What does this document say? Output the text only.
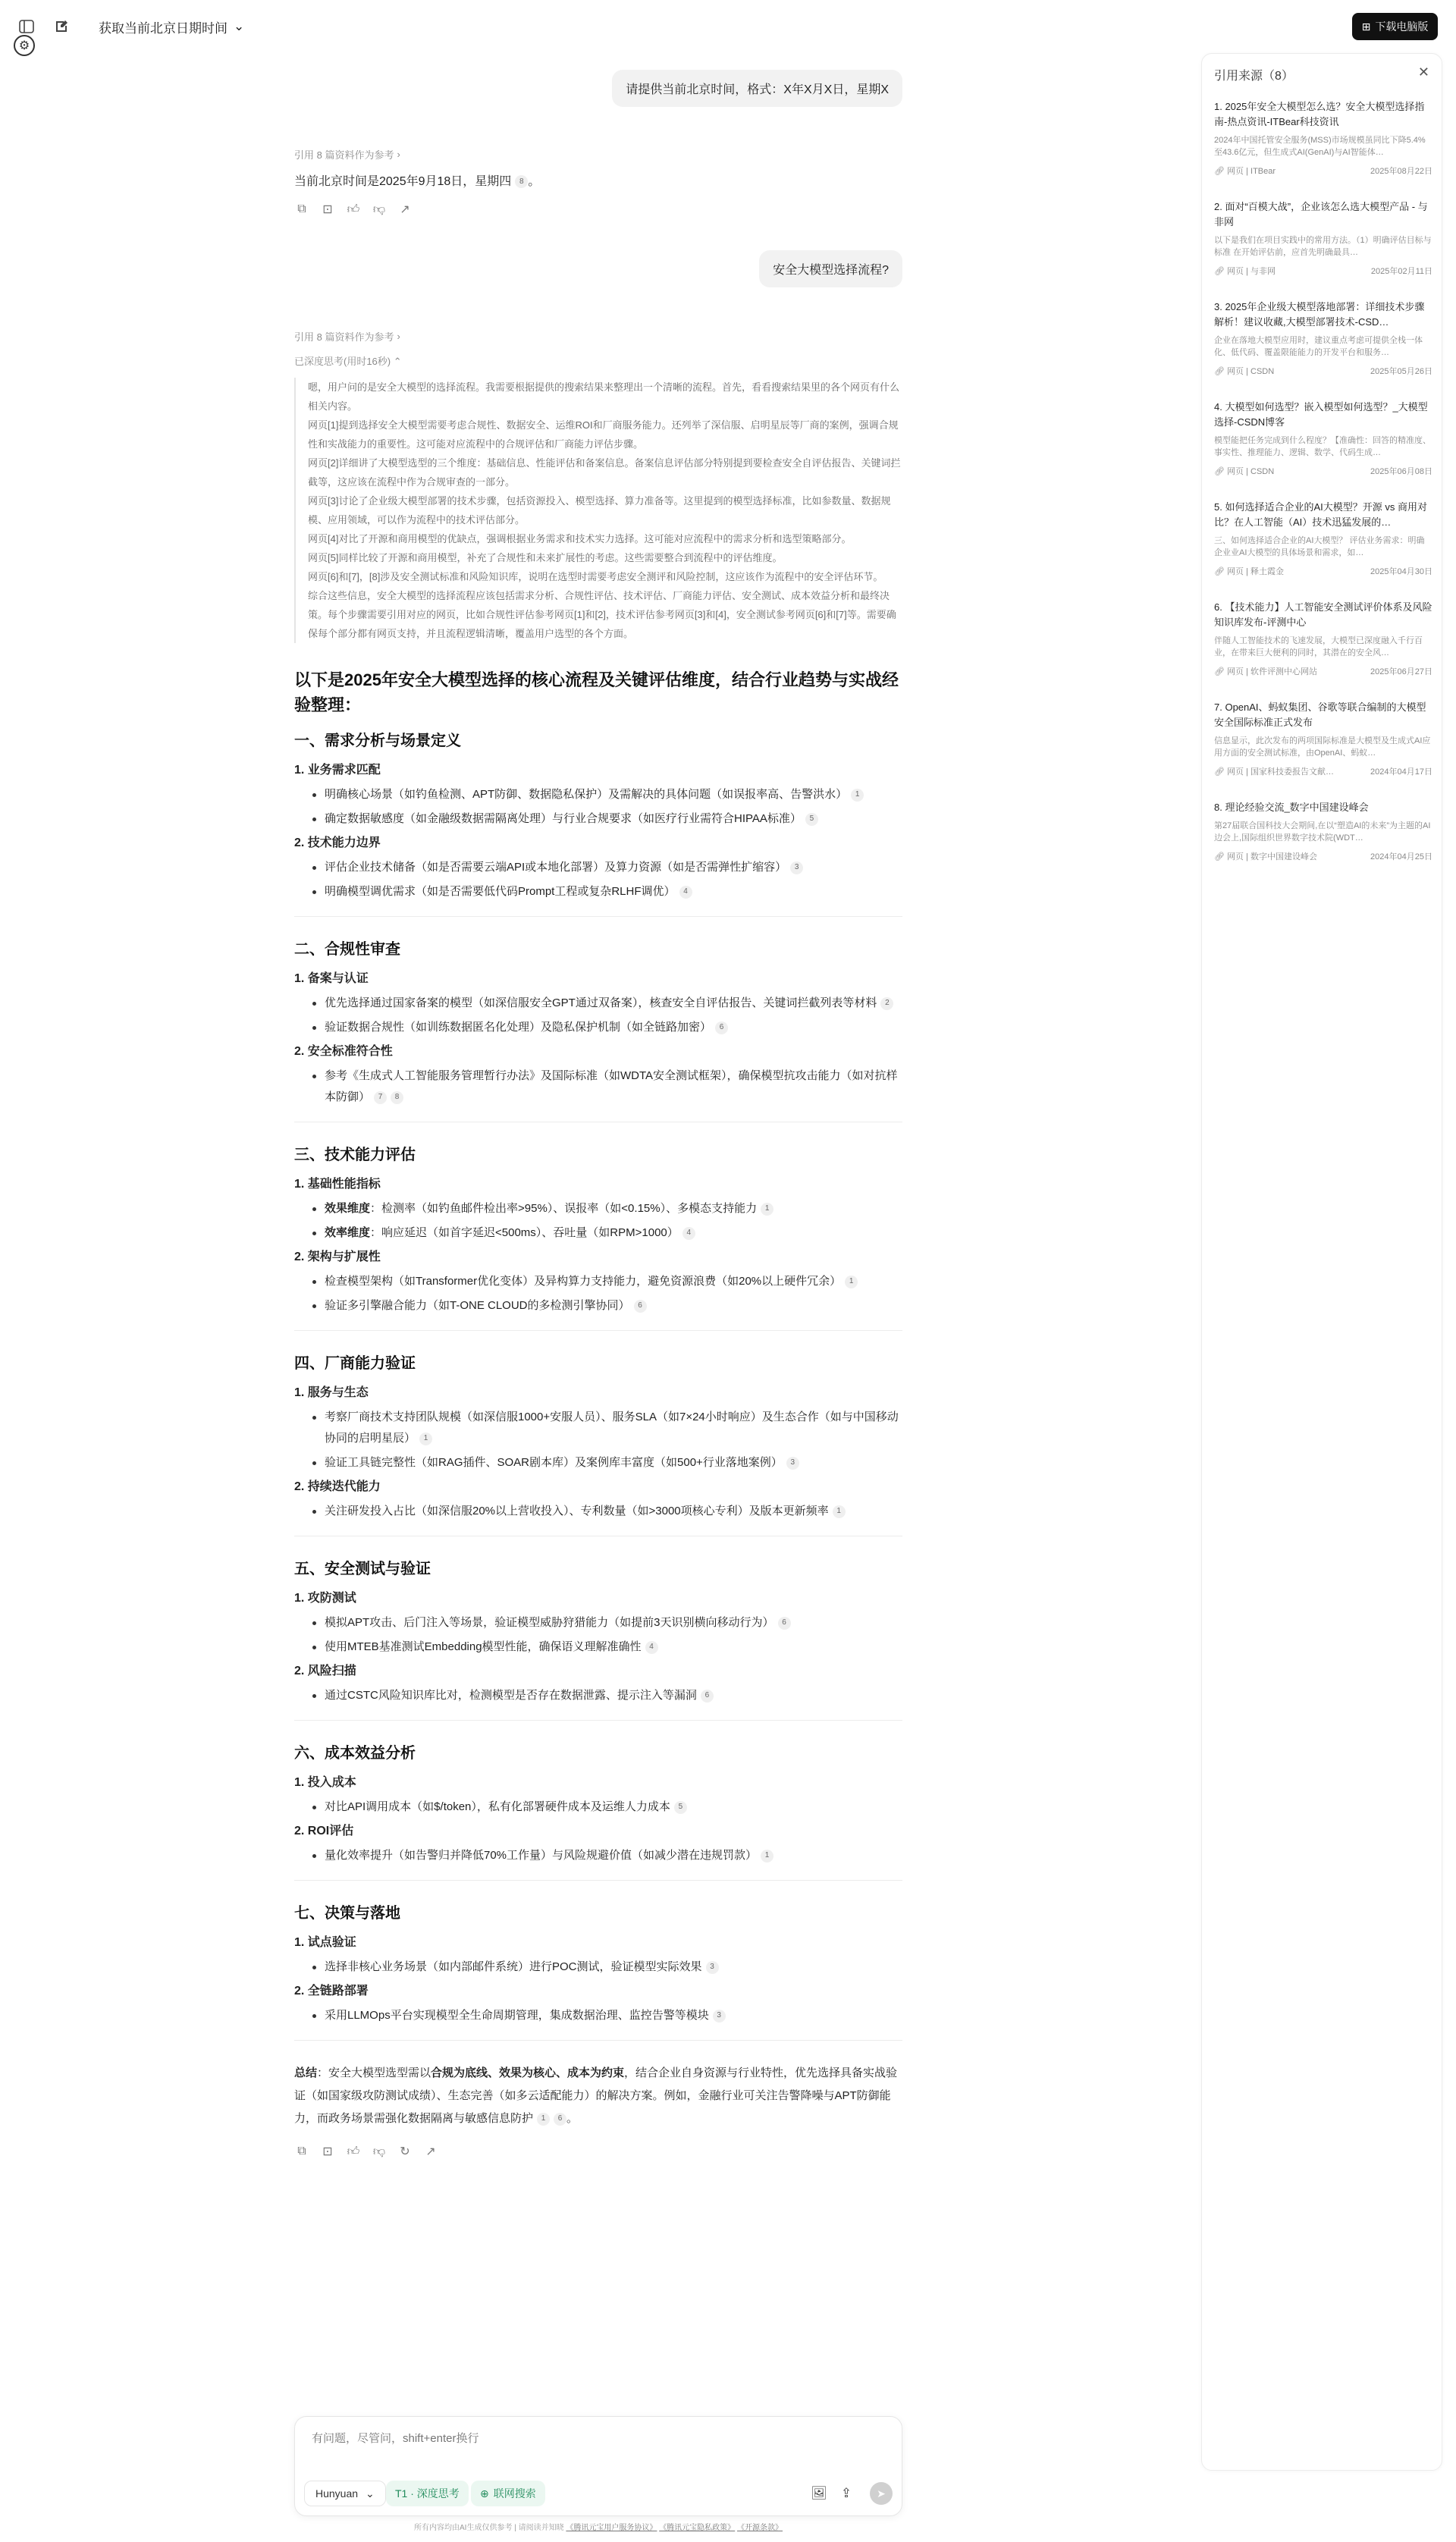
获取当前北京日期时间 ⌄
⚙
⊞ 下载电脑版
请提供当前北京时间，格式：X年X月X日，星期X
引用 8 篇资料作为参考 ›
当前北京时间是2025年9月18日，星期四 8 。
⧉ ⊡ 👍︎ 👎︎ ↗
安全大模型选择流程?
引用 8 篇资料作为参考 ›
已深度思考(用时16秒) ⌃

嗯，用户问的是安全大模型的选择流程。我需要根据提供的搜索结果来整理出一个清晰的流程。首先，看看搜索结果里的各个网页有什么相关内容。

网页[1]提到选择安全大模型需要考虑合规性、数据安全、运维ROI和厂商服务能力。还列举了深信服、启明星辰等厂商的案例，强调合规性和实战能力的重要性。这可能对应流程中的合规评估和厂商能力评估步骤。

网页[2]详细讲了大模型选型的三个维度：基础信息、性能评估和备案信息。备案信息评估部分特别提到要检查安全自评估报告、关键词拦截等，这应该在流程中作为合规审查的一部分。

网页[3]讨论了企业级大模型部署的技术步骤，包括资源投入、模型选择、算力准备等。这里提到的模型选择标准，比如参数量、数据规模、应用领域，可以作为流程中的技术评估部分。

网页[4]对比了开源和商用模型的优缺点，强调根据业务需求和技术实力选择。这可能对应流程中的需求分析和选型策略部分。

网页[5]同样比较了开源和商用模型，补充了合规性和未来扩展性的考虑。这些需要整合到流程中的评估维度。

网页[6]和[7]，[8]涉及安全测试标准和风险知识库，说明在选型时需要考虑安全测评和风险控制，这应该作为流程中的安全评估环节。

综合这些信息，安全大模型的选择流程应该包括需求分析、合规性评估、技术评估、厂商能力评估、安全测试、成本效益分析和最终决策。每个步骤需要引用对应的网页，比如合规性评估参考网页[1]和[2]，技术评估参考网页[3]和[4]，安全测试参考网页[6]和[7]等。需要确保每个部分都有网页支持，并且流程逻辑清晰，覆盖用户选型的各个方面。

以下是2025年安全大模型选择的核心流程及关键评估维度，结合行业趋势与实战经验整理：
一、需求分析与场景定义
1. 业务需求匹配
明确核心场景（如钓鱼检测、APT防御、数据隐私保护）及需解决的具体问题（如误报率高、告警洪水） 1
确定数据敏感度（如金融级数据需隔离处理）与行业合规要求（如医疗行业需符合HIPAA标准） 5
2. 技术能力边界
评估企业技术储备（如是否需要云端API或本地化部署）及算力资源（如是否需弹性扩缩容） 3
明确模型调优需求（如是否需要低代码Prompt工程或复杂RLHF调优） 4
二、合规性审查
1. 备案与认证
优先选择通过国家备案的模型（如深信服安全GPT通过双备案），核查安全自评估报告、关键词拦截列表等材料 2
验证数据合规性（如训练数据匿名化处理）及隐私保护机制（如全链路加密） 6
2. 安全标准符合性
参考《生成式人工智能服务管理暂行办法》及国际标准（如WDTA安全测试框架），确保模型抗攻击能力（如对抗样本防御） 7 8
三、技术能力评估
1. 基础性能指标
效果维度：检测率（如钓鱼邮件检出率>95%）、误报率（如<0.15%）、多模态支持能力 1
效率维度：响应延迟（如首字延迟<500ms）、吞吐量（如RPM>1000） 4
2. 架构与扩展性
检查模型架构（如Transformer优化变体）及异构算力支持能力，避免资源浪费（如20%以上硬件冗余） 1
验证多引擎融合能力（如T-ONE CLOUD的多检测引擎协同） 6
四、厂商能力验证
1. 服务与生态
考察厂商技术支持团队规模（如深信服1000+安服人员）、服务SLA（如7×24小时响应）及生态合作（如与中国移动协同的启明星辰） 1
验证工具链完整性（如RAG插件、SOAR剧本库）及案例库丰富度（如500+行业落地案例） 3
2. 持续迭代能力
关注研发投入占比（如深信服20%以上营收投入）、专利数量（如>3000项核心专利）及版本更新频率 1
五、安全测试与验证
1. 攻防测试
模拟APT攻击、后门注入等场景，验证模型威胁狩猎能力（如提前3天识别横向移动行为） 6
使用MTEB基准测试Embedding模型性能，确保语义理解准确性 4
2. 风险扫描
通过CSTC风险知识库比对，检测模型是否存在数据泄露、提示注入等漏洞 6
六、成本效益分析
1. 投入成本
对比API调用成本（如$/token），私有化部署硬件成本及运维人力成本 5
2. ROI评估
量化效率提升（如告警归并降低70%工作量）与风险规避价值（如减少潜在违规罚款） 1
七、决策与落地
1. 试点验证
选择非核心业务场景（如内部邮件系统）进行POC测试，验证模型实际效果 3
2. 全链路部署
采用LLMOps平台实现模型全生命周期管理，集成数据治理、监控告警等模块 3
总结：安全大模型选型需以合规为底线、效果为核心、成本为约束，结合企业自身资源与行业特性，优先选择具备实战验证（如国家级攻防测试成绩）、生态完善（如多云适配能力）的解决方案。例如，金融行业可关注告警降噪与APT防御能力，而政务场景需强化数据隔离与敏感信息防护 1 6 。
⧉ ⊡ 👍︎ 👎︎ ↻ ↗
有问题，尽管问，shift+enter换行
Hunyuan ⌄ T1 · 深度思考 ⊕ 联网搜索	🖼︎ ⇪	➤
所有内容均由AI生成仅供参考 | 请阅读并知晓 《腾讯元宝用户服务协议》 《腾讯元宝隐私政策》 《开源条款》
引用来源（8）	✕
1. 2025年安全大模型怎么选？安全大模型选择指南-热点资讯-ITBear科技资讯
2024年中国托管安全服务(MSS)市场规模虽同比下降5.4%至43.6亿元，但生成式AI(GenAI)与AI智能体…
🔗︎ 网页 | ITBear	2025年08月22日
2. 面对“百模大战”，企业该怎么选大模型产品 - 与非网
以下是我们在项目实践中的常用方法。（1）明确评估目标与标准 在开始评估前，应首先明确最具…
🔗︎ 网页 | 与非网	2025年02月11日
3. 2025年企业级大模型落地部署：详细技术步骤解析！建议收藏,大模型部署技术-CSD…
企业在落地大模型应用时，建议重点考虑可提供全栈一体化、低代码、覆盖限能能力的开发平台和服务…
🔗︎ 网页 | CSDN	2025年05月26日
4. 大模型如何选型？嵌入模型如何选型？_大模型选择-CSDN博客
模型能把任务完成到什么程度？【准确性：回答的精准度、事实性、推理能力、逻辑、数学、代码生成…
🔗︎ 网页 | CSDN	2025年06月08日
5. 如何选择适合企业的AI大模型？开源 vs 商用对比？在人工智能（AI）技术迅猛发展的…
三、如何选择适合企业的AI大模型？ 评估业务需求：明确企业业AI大模型的具体场景和需求，如…
🔗︎ 网页 | 释土霞金	2025年04月30日
6. 【技术能力】人工智能安全测试评价体系及风险知识库发布-评测中心
伴随人工智能技术的飞速发展，大模型已深度融入千行百业，在带来巨大便利的同时，其潜在的安全风…
🔗︎ 网页 | 软件评测中心网站	2025年06月27日
7. OpenAI、蚂蚁集团、谷歌等联合编制的大模型安全国际标准正式发布
信息显示，此次发布的两项国际标准是大模型及生成式AI应用方面的安全测试标准，由OpenAI、蚂蚁…
🔗︎ 网页 | 国家科技委报告文献…	2024年04月17日
8. 理论经验交流_数字中国建设峰会
第27届联合国科技大会期间,在以“塑造AI的未来”为主题的AI边会上,国际组织世界数字技术院(WDT…
🔗︎ 网页 | 数字中国建设峰会	2024年04月25日
